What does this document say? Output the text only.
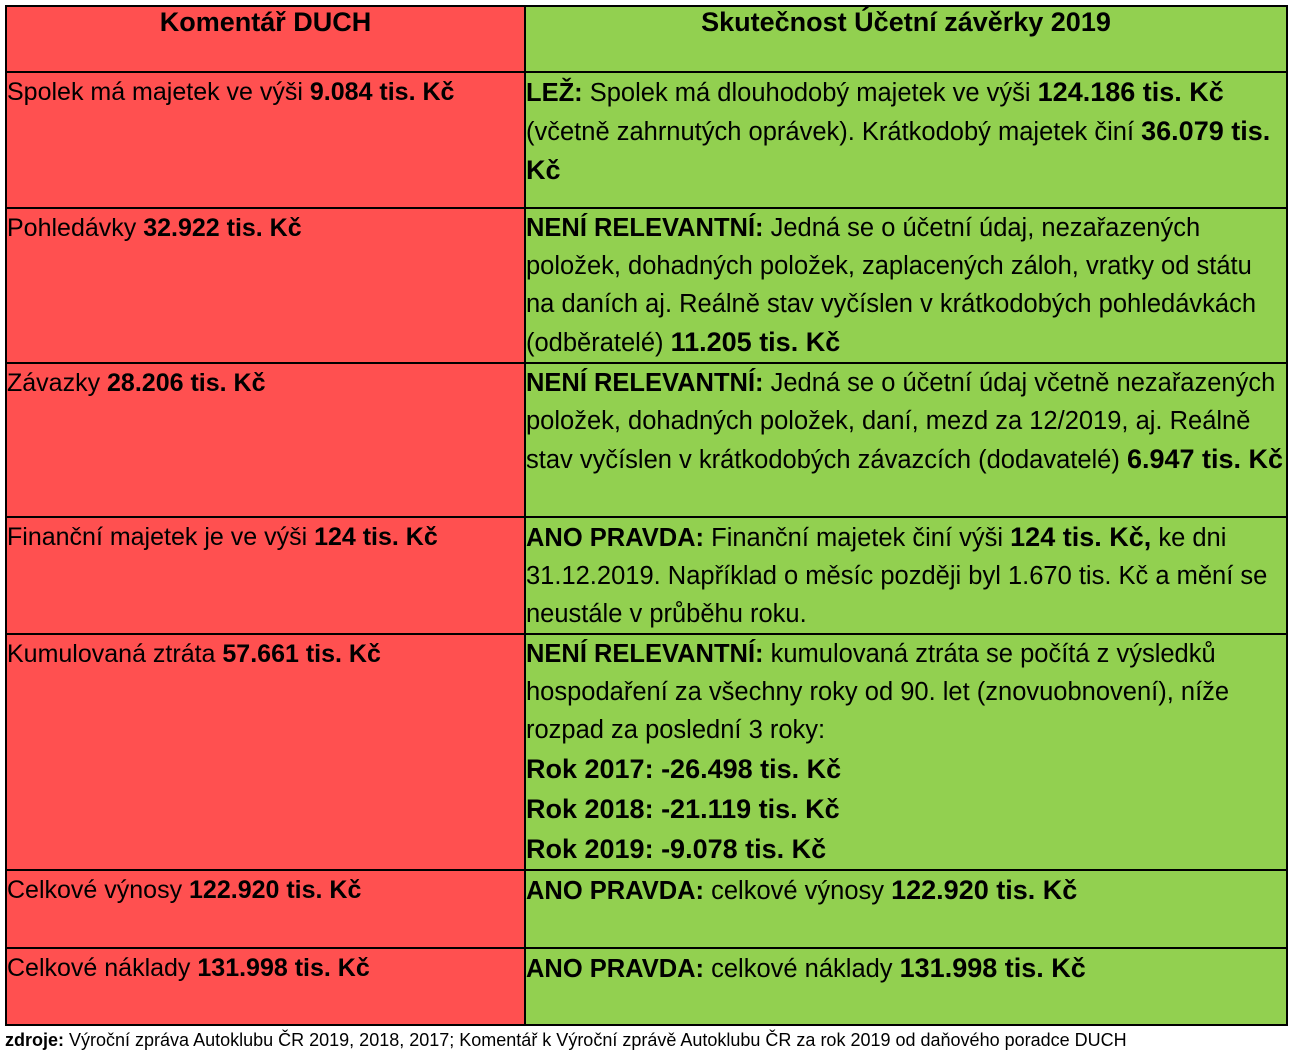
Komentář DUCH	Skutečnost Účetní závěrky 2019
Spolek má majetek ve výši 9.084 tis. Kč	LEŽ: Spolek má dlouhodobý majetek ve výši 124.186 tis. Kč (včetně zahrnutých oprávek). Krátkodobý majetek činí 36.079 tis. Kč
Pohledávky 32.922 tis. Kč	NENÍ RELEVANTNÍ: Jedná se o účetní údaj, nezařazených položek, dohadných položek, zaplacených záloh, vratky od státu na daních aj. Reálně stav vyčíslen v krátkodobých pohledávkách (odběratelé) 11.205 tis. Kč
Závazky 28.206 tis. Kč	NENÍ RELEVANTNÍ: Jedná se o účetní údaj včetně nezařazených položek, dohadných položek, daní, mezd za 12/2019, aj. Reálně stav vyčíslen v krátkodobých závazcích (dodavatelé) 6.947 tis. Kč
Finanční majetek je ve výši 124 tis. Kč	ANO PRAVDA: Finanční majetek činí výši 124 tis. Kč, ke dni 31.12.2019. Například o měsíc později byl 1.670 tis. Kč a mění se neustále v průběhu roku.
Kumulovaná ztráta 57.661 tis. Kč	NENÍ RELEVANTNÍ: kumulovaná ztráta se počítá z výsledků hospodaření za všechny roky od 90. let (znovuobnovení), níže rozpad za poslední 3 roky:
Rok 2017: -26.498 tis. Kč
Rok 2018: -21.119 tis. Kč
Rok 2019: -9.078 tis. Kč

Celkové výnosy 122.920 tis. Kč	ANO PRAVDA: celkové výnosy 122.920 tis. Kč
Celkové náklady 131.998 tis. Kč	ANO PRAVDA: celkové náklady 131.998 tis. Kč
zdroje: Výroční zpráva Autoklubu ČR 2019, 2018, 2017; Komentář k Výroční zprávě Autoklubu ČR za rok 2019 od daňového poradce DUCH
